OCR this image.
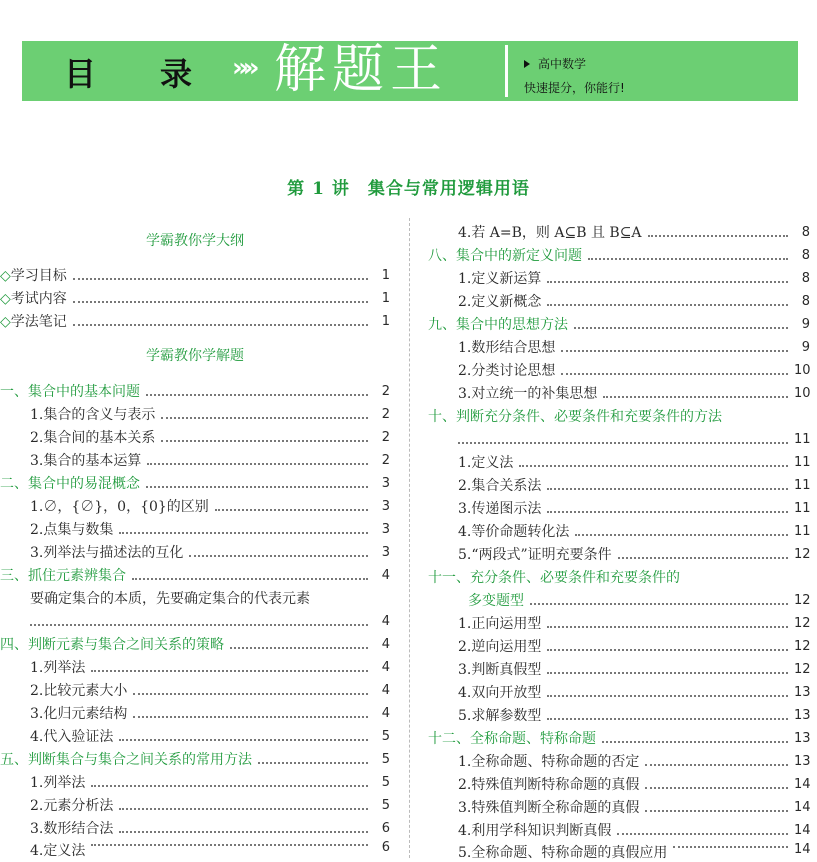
目 录 »» 解题王	高中数学
快速提分，你能行!
第 1 讲　集合与常用逻辑用语
学霸教你学大纲
◇学习目标	1
◇考试内容	1
◇学法笔记	1
学霸教你学解题
一、集合中的基本问题	2
1.集合的含义与表示	2
2.集合间的基本关系	2
3.集合的基本运算	2
二、集合中的易混概念	3
1.∅，{∅}，0，{0}的区别	3
2.点集与数集	3
3.列举法与描述法的互化	3
三、抓住元素辨集合	4
要确定集合的本质，先要确定集合的代表元素
4
四、判断元素与集合之间关系的策略	4
1.列举法	4
2.比较元素大小	4
3.化归元素结构	4
4.代入验证法	5
五、判断集合与集合之间关系的常用方法	5
1.列举法	5
2.元素分析法	5
3.数形结合法	6
4.定义法	6
4.若 A=B，则 A⊆B 且 B⊆A	8
八、集合中的新定义问题	8
1.定义新运算	8
2.定义新概念	8
九、集合中的思想方法	9
1.数形结合思想	9
2.分类讨论思想	10
3.对立统一的补集思想	10
十、判断充分条件、必要条件和充要条件的方法
11
1.定义法	11
2.集合关系法	11
3.传递图示法	11
4.等价命题转化法	11
5.“两段式”证明充要条件	12
十一、充分条件、必要条件和充要条件的
多变题型	12
1.正向运用型	12
2.逆向运用型	12
3.判断真假型	12
4.双向开放型	13
5.求解参数型	13
十二、全称命题、特称命题	13
1.全称命题、特称命题的否定	13
2.特殊值判断特称命题的真假	14
3.特殊值判断全称命题的真假	14
4.利用学科知识判断真假	14
5.全称命题、特称命题的真假应用	14
